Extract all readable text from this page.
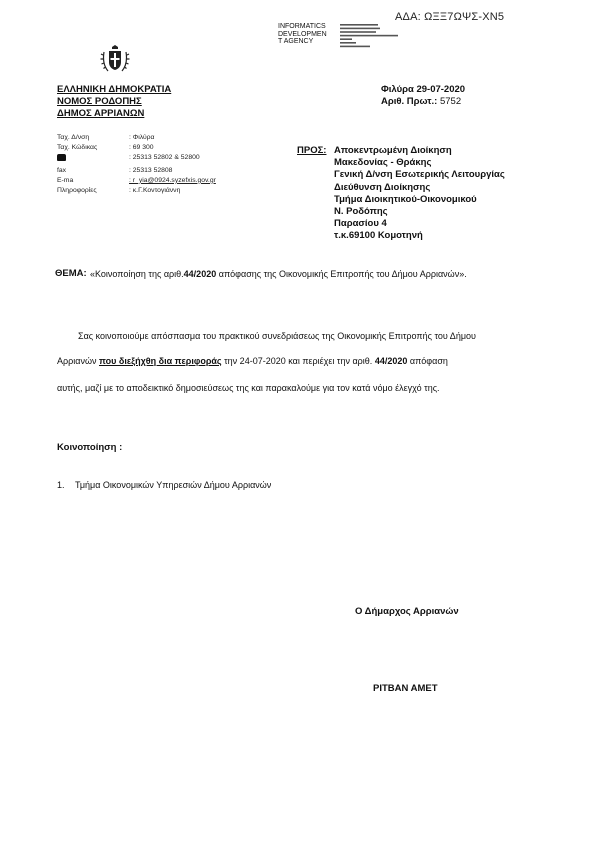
ΑΔΑ: ΩΞΞ7ΩΨΣ-ΧΝ5
INFORMATICS
DEVELOPMEN
T AGENCY
ΕΛΛΗΝΙΚΗ ΔΗΜΟΚΡΑΤΙΑ
ΝΟΜΟΣ ΡΟΔΟΠΗΣ
ΔΗΜΟΣ ΑΡΡΙΑΝΩΝ
Φιλύρα 29-07-2020
Αριθ. Πρωτ.: 5752
Ταχ. Δ/νση	: Φιλύρα
Ταχ. Κώδικας	: 69 300
: 25313 52802 & 52800
fax	: 25313 52808
E-ma	: r_yia@0924.syzefxis.gov.gr
Πληροφορίες	: κ.Γ.Κοντογιάννη
ΠΡΟΣ: Αποκεντρωμένη Διοίκηση
Μακεδονίας - Θράκης
Γενική Δ/νση Εσωτερικής Λειτουργίας
Διεύθυνση Διοίκησης
Τμήμα Διοικητικού-Οικονομικού
Ν. Ροδόπης
Παρασίου 4
τ.κ.69100 Κομοτηνή
ΘΕΜΑ: «Κοινοποίηση της αριθ.44/2020 απόφασης της Οικονομικής Επιτροπής του Δήμου Αρριανών».
Σας κοινοποιούμε απόσπασμα του πρακτικού συνεδριάσεως της Οικονομικής Επιτροπής του Δήμου
Αρριανών που διεξήχθη δια περιφοράς την 24-07-2020 και περιέχει την αριθ. 44/2020 απόφαση
αυτής, μαζί με το αποδεικτικό δημοσιεύσεως της και παρακαλούμε για τον κατά νόμο έλεγχό της.
Κοινοποίηση :
1. Τμήμα Οικονομικών Υπηρεσιών Δήμου Αρριανών
Ο Δήμαρχος Αρριανών
ΡΙΤΒΑΝ ΑΜΕΤ
